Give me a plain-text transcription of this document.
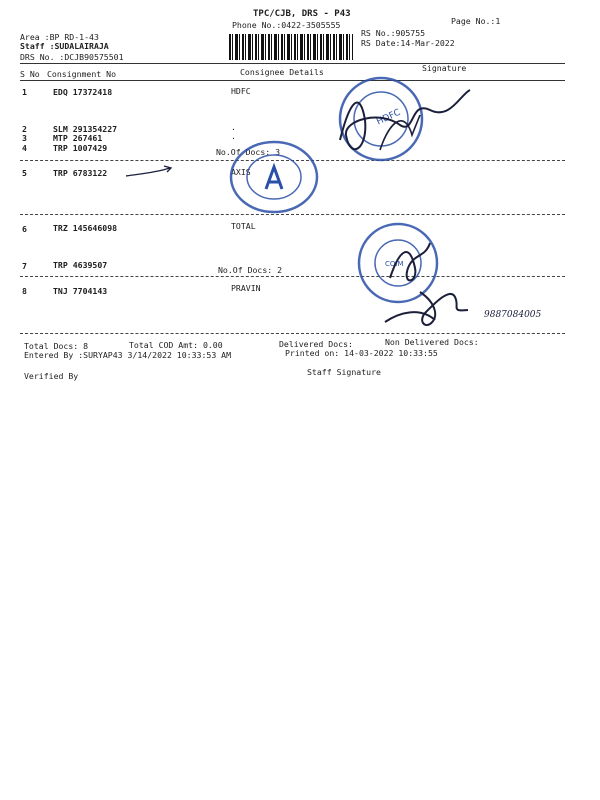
TPC/CJB, DRS - P43
Phone No.:0422-3505555	Page No.:1
Area :BP RD-1-43
Staff :SUDALAIRAJA
DRS No. :DCJB90575501
RS No.:905755
RS Date:14-Mar-2022
S No Consignment No	Consignee Details	Signature
1	EDQ 17372418	HDFC
2	SLM 291354227	.
3	MTP 267461	.
4	TRP 1007429	No.Of Docs: 3
5	TRP 6783122	AXIS
6	TRZ 145646098	TOTAL
7	TRP 4639507	No.Of Docs: 2
8	TNJ 7704143	PRAVIN
Total Docs: 8	Total COD Amt: 0.00	Delivered Docs:	Non Delivered Docs:
Entered By :SURYAP43 3/14/2022 10:33:53 AM	Printed on: 14-03-2022 10:33:55
Verified By	Staff Signature
HDFC
COIM
9887084005
